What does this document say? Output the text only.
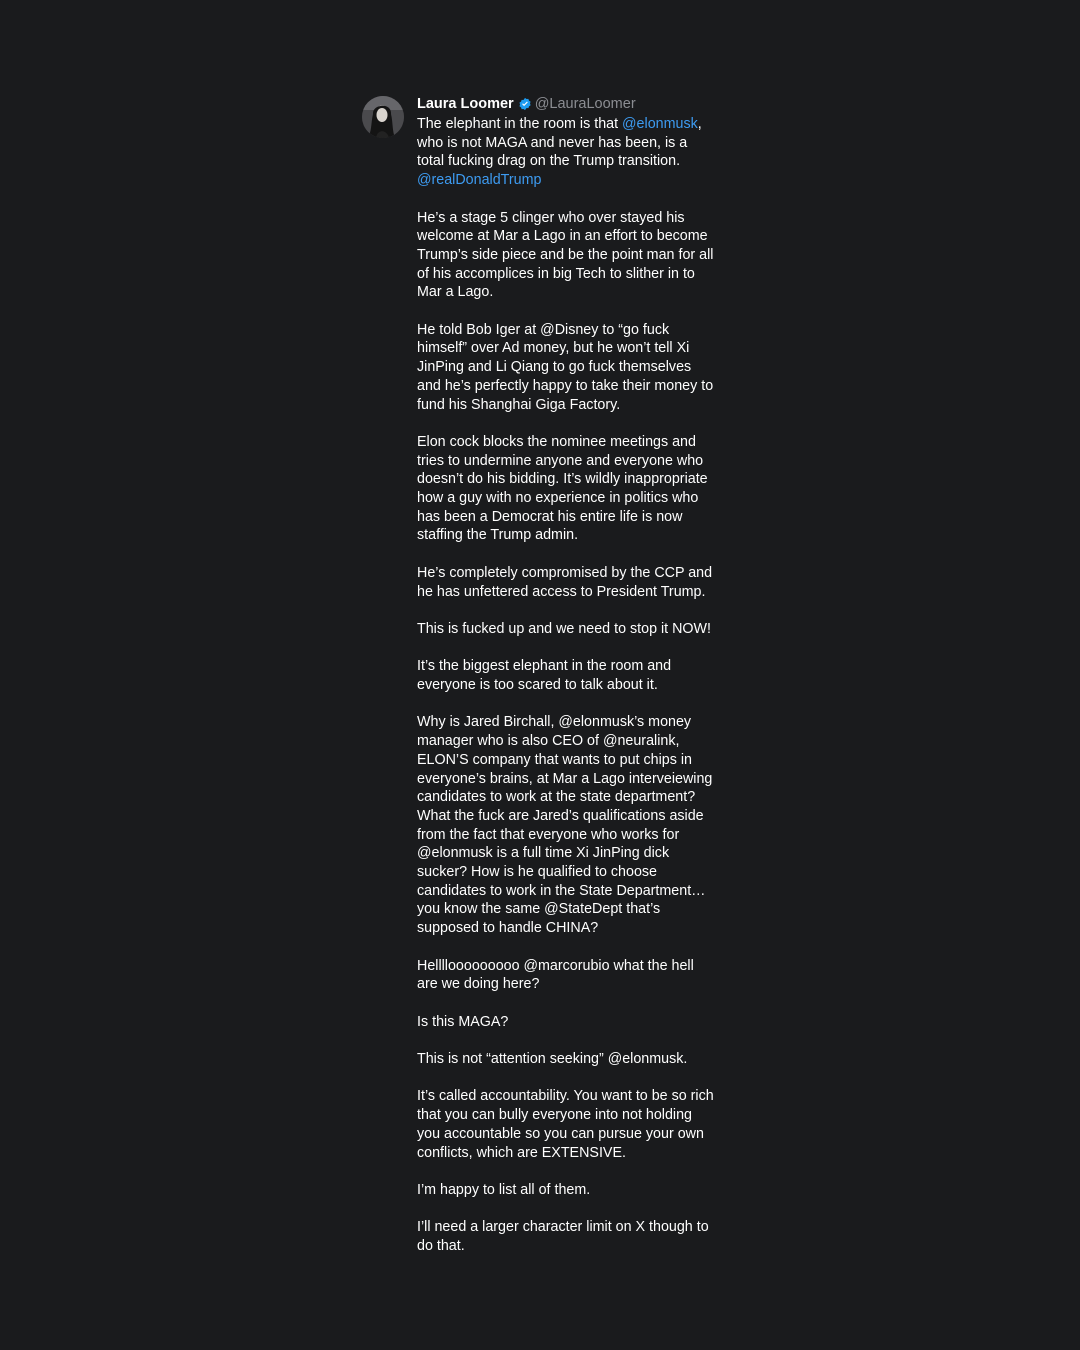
Laura Loomer @LauraLoomer
The elephant in the room is that @elonmusk,
who is not MAGA and never has been, is a
total fucking drag on the Trump transition.
@realDonaldTrump
He’s a stage 5 clinger who over stayed his
welcome at Mar a Lago in an effort to become
Trump’s side piece and be the point man for all
of his accomplices in big Tech to slither in to
Mar a Lago.
He told Bob Iger at @Disney to “go fuck
himself” over Ad money, but he won’t tell Xi
JinPing and Li Qiang to go fuck themselves
and he’s perfectly happy to take their money to
fund his Shanghai Giga Factory.
Elon cock blocks the nominee meetings and
tries to undermine anyone and everyone who
doesn’t do his bidding. It’s wildly inappropriate
how a guy with no experience in politics who
has been a Democrat his entire life is now
staffing the Trump admin.
He’s completely compromised by the CCP and
he has unfettered access to President Trump.
This is fucked up and we need to stop it NOW!
It’s the biggest elephant in the room and
everyone is too scared to talk about it.
Why is Jared Birchall, @elonmusk’s money
manager who is also CEO of @neuralink,
ELON’S company that wants to put chips in
everyone’s brains, at Mar a Lago interveiewing
candidates to work at the state department?
What the fuck are Jared’s qualifications aside
from the fact that everyone who works for
@elonmusk is a full time Xi JinPing dick
sucker? How is he qualified to choose
candidates to work in the State Department…
you know the same @StateDept that’s
supposed to handle CHINA?
Hellllooooooooo @marcorubio what the hell
are we doing here?
Is this MAGA?
This is not “attention seeking” @elonmusk.
It’s called accountability. You want to be so rich
that you can bully everyone into not holding
you accountable so you can pursue your own
conflicts, which are EXTENSIVE.
I’m happy to list all of them.
I’ll need a larger character limit on X though to
do that.
